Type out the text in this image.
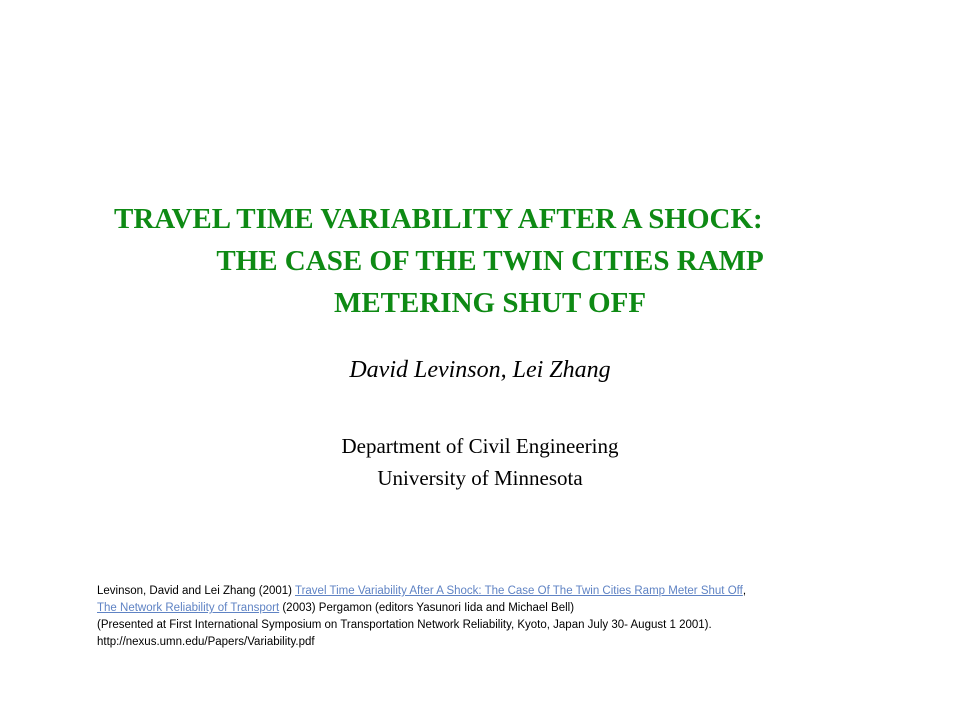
TRAVEL TIME VARIABILITY AFTER A SHOCK:
THE CASE OF THE TWIN CITIES RAMP
METERING SHUT OFF
David Levinson, Lei Zhang
Department of Civil Engineering
University of Minnesota
Levinson, David and Lei Zhang (2001) Travel Time Variability After A Shock: The Case Of The Twin Cities Ramp Meter Shut Off,
The Network Reliability of Transport (2003) Pergamon (editors Yasunori Iida and Michael Bell)
(Presented at First International Symposium on Transportation Network Reliability, Kyoto, Japan July 30- August 1 2001).
http://nexus.umn.edu/Papers/Variability.pdf
